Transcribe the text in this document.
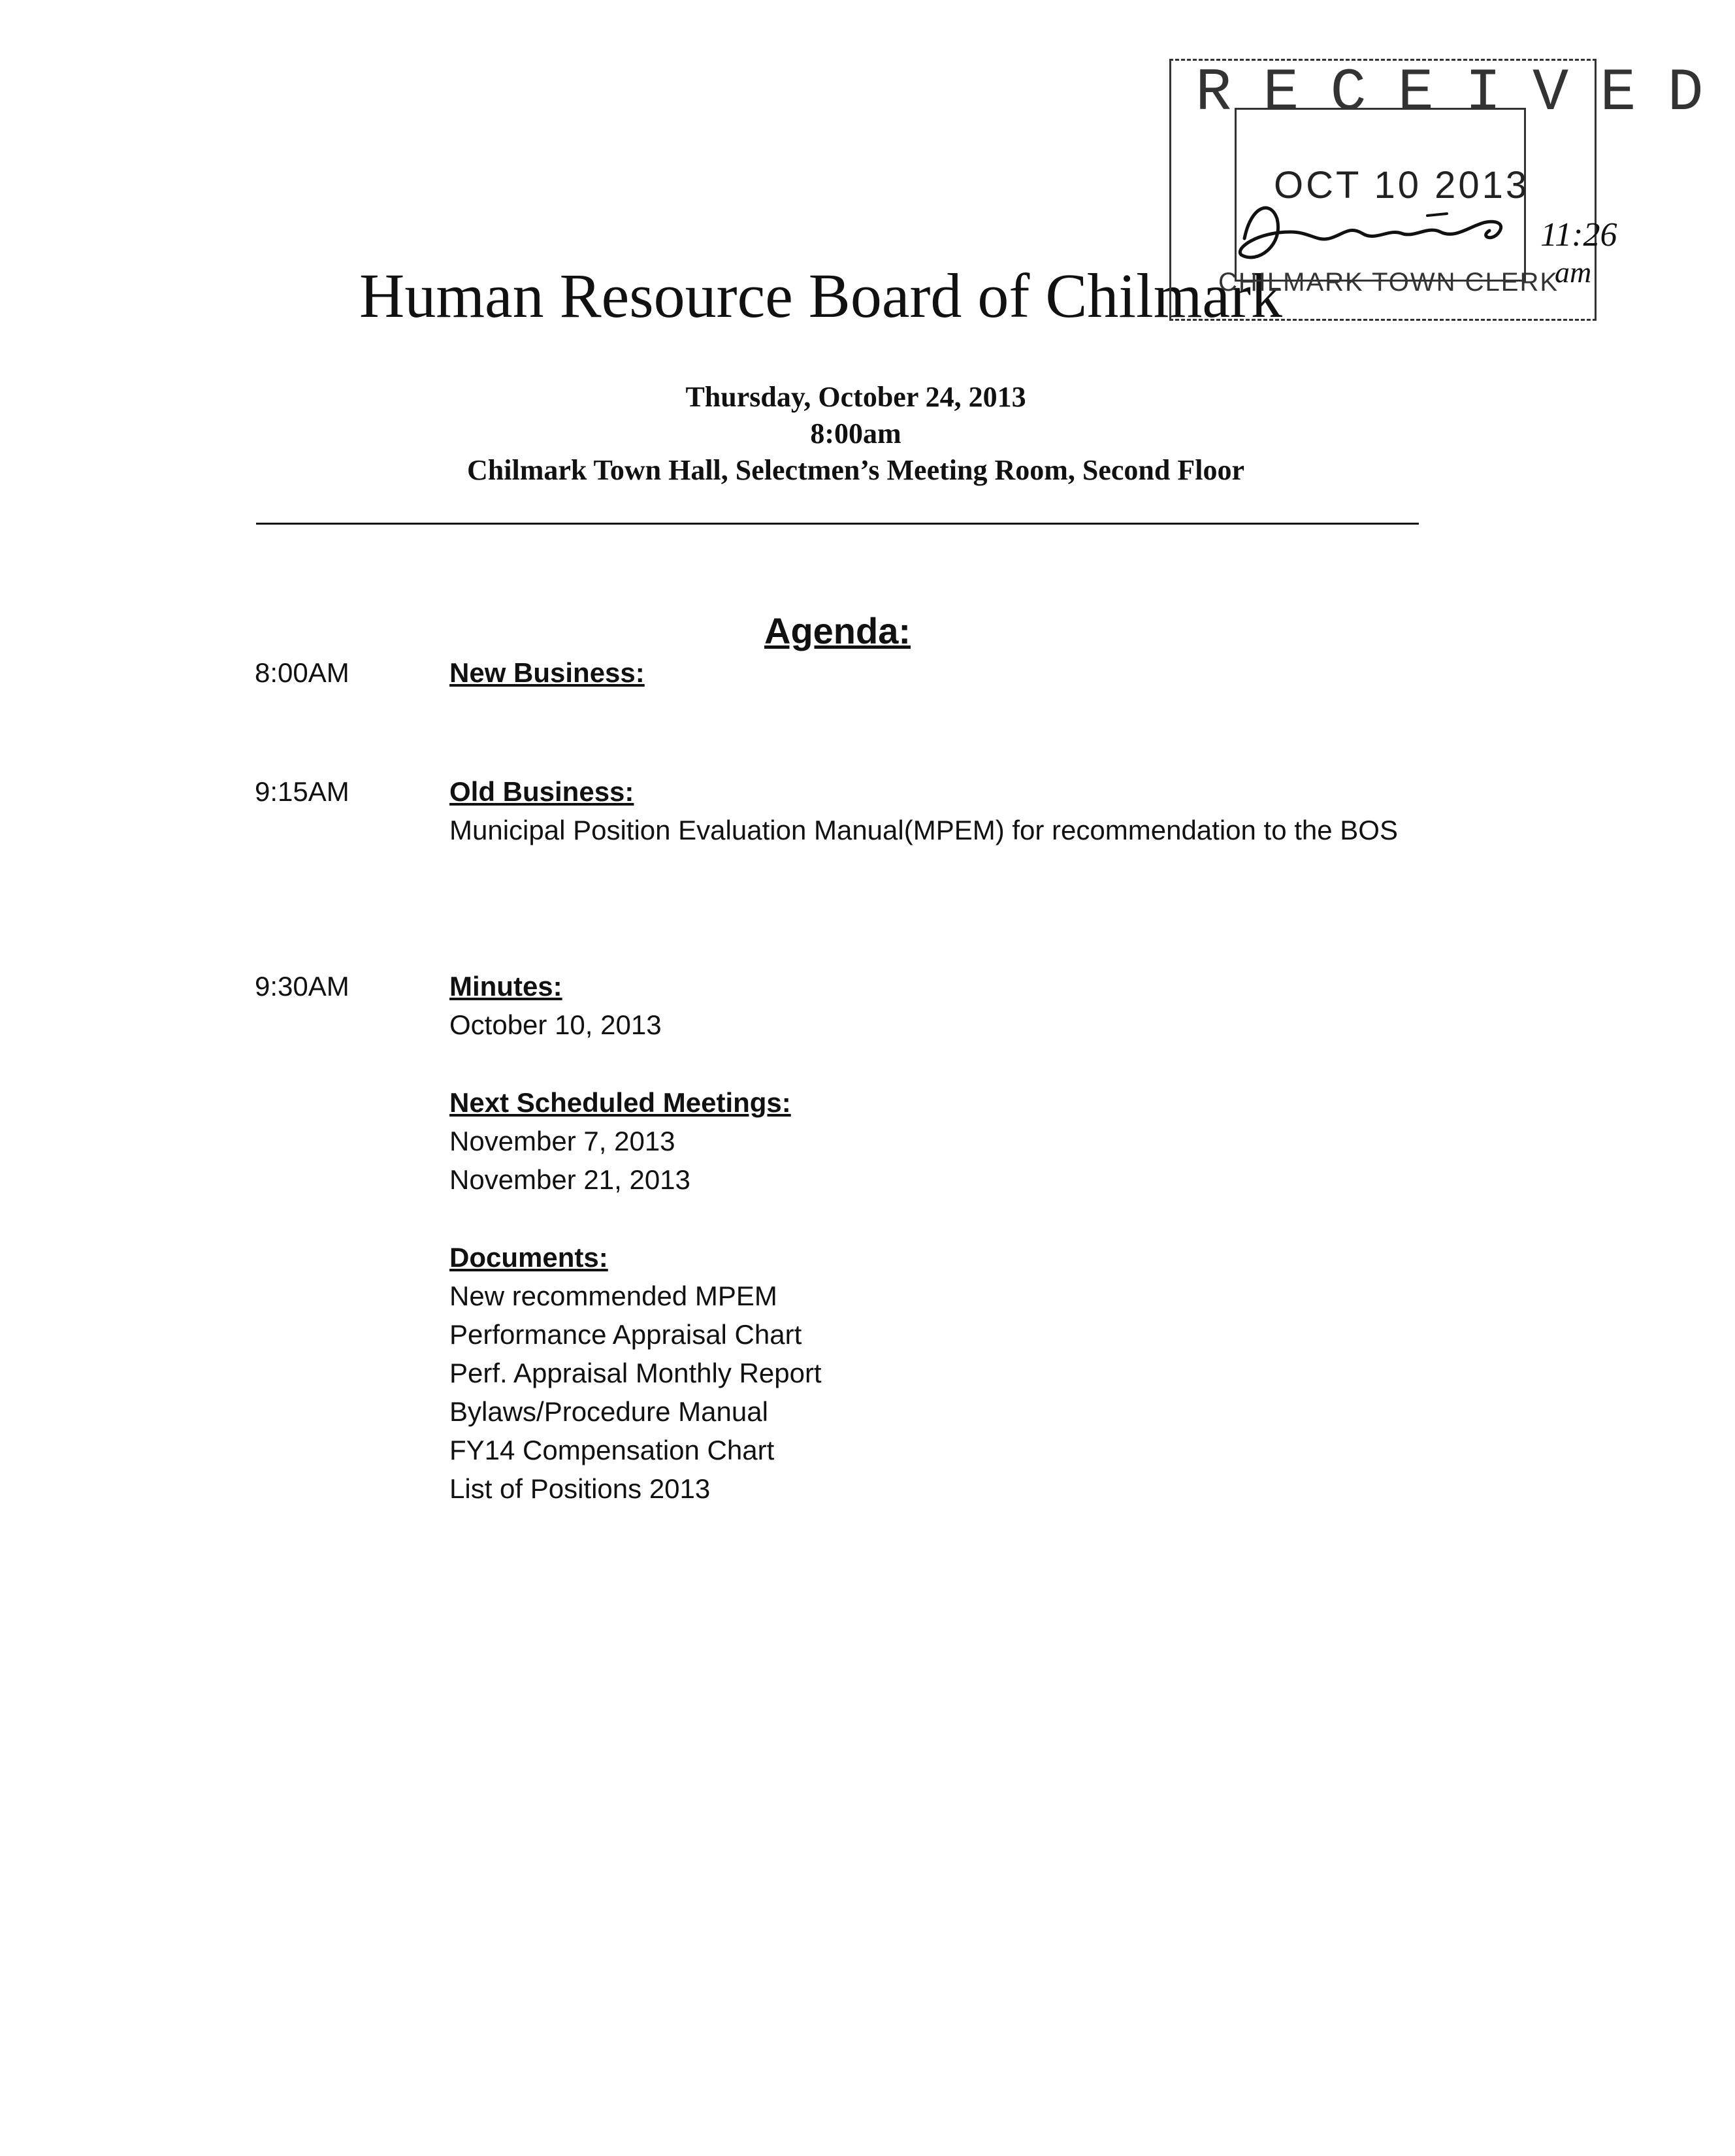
Human Resource Board of Chilmark
Thursday, October 24, 2013
8:00am
Chilmark Town Hall, Selectmen’s Meeting Room, Second Floor
Agenda:
8:00AM	New Business:
9:15AM	Old Business:
Municipal Position Evaluation Manual(MPEM) for recommendation to the BOS
9:30AM	Minutes:
October 10, 2013
Next Scheduled Meetings:
November 7, 2013
November 21, 2013
Documents:
New recommended MPEM
Performance Appraisal Chart
Perf. Appraisal Monthly Report
Bylaws/Procedure Manual
FY14 Compensation Chart
List of Positions 2013
RECEIVED
OCT 10 2013
CHILMARK TOWN CLERK
11:26
am
